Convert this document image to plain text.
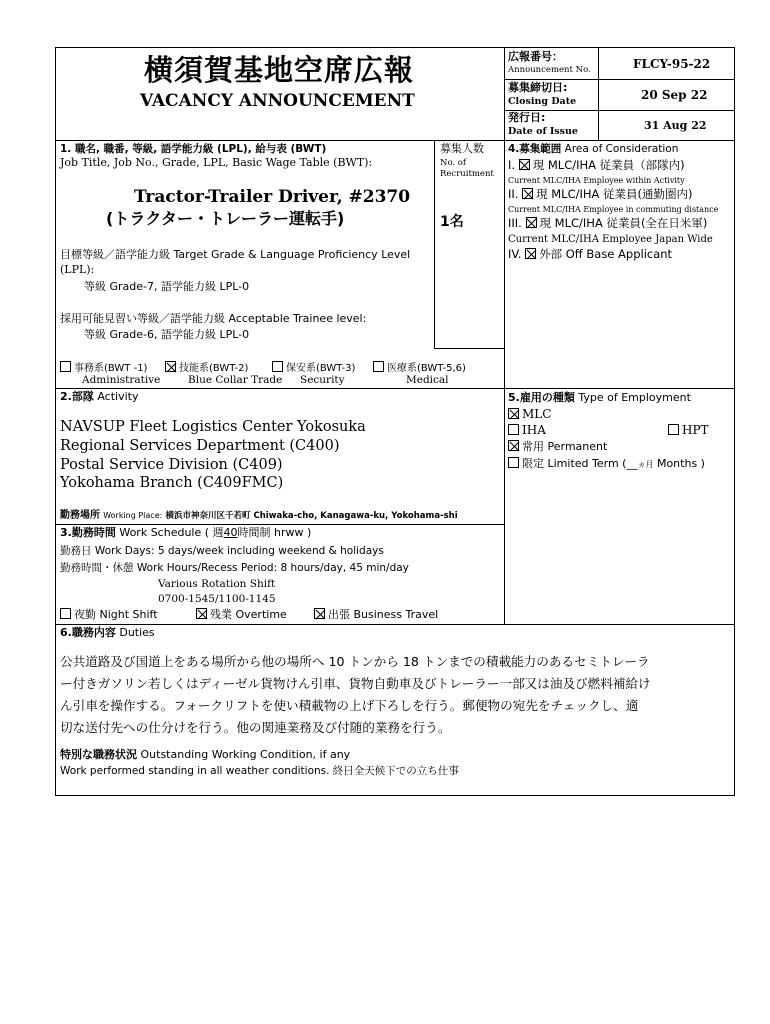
横須賀基地空席広報
VACANCY ANNOUNCEMENT
広報番号：
Announcement No.	FLCY-95-22
募集締切日:
Closing Date	20 Sep 22
発行日:
Date of Issue	31 Aug 22
1. 職名, 職番, 等級, 語学能力級 (LPL), 給与表 (BWT)
Job Title, Job No., Grade, LPL, Basic Wage Table (BWT):
Tractor-Trailer Driver, #2370
(トラクター・トレーラー運転手)
目標等級／語学能力級 Target Grade & Language Proficiency Level
(LPL):
等級 Grade-7, 語学能力級 LPL-0
採用可能見習い等級／語学能力級 Acceptable Trainee level:
等級 Grade-6, 語学能力級 LPL-0
事務系(BWT -1)
Administrative
技能系(BWT-2)
Blue Collar Trade
保安系(BWT-3)
Security
医療系(BWT-5,6)
Medical
募集人数
No. of
Recruitment
1名
4.募集範囲 Area of Consideration
I. 現 MLC/IHA 従業員（部隊内)
Current MLC/IHA Employee within Activity
II. 現 MLC/IHA 従業員(通勤圏内)
Current MLC/IHA Employee in commuting distance
III. 現 MLC/IHA 従業員(全在日米軍)
Current MLC/IHA Employee Japan Wide
IV. 外部 Off Base Applicant
2.部隊 Activity
NAVSUP Fleet Logistics Center Yokosuka
Regional Services Department (C400)
Postal Service Division (C409)
Yokohama Branch (C409FMC)
勤務場所 Working Place: 横浜市神奈川区千若町 Chiwaka-cho, Kanagawa-ku, Yokohama-shi
5.雇用の種類 Type of Employment
MLC
IHA	HPT
常用 Permanent
限定 Limited Term (__ヵ月 Months )
3.勤務時間 Work Schedule ( 週40時間制 hrww )
勤務日 Work Days: 5 days/week including weekend & holidays
勤務時間・休憩 Work Hours/Recess Period: 8 hours/day, 45 min/day
Various Rotation Shift
0700-1545/1100-1145
夜勤 Night Shift	残業 Overtime	出張 Business Travel
6.職務内容 Duties
公共道路及び国道上をある場所から他の場所へ 10 トンから 18 トンまでの積載能力のあるセミトレーラ
ー付きガソリン若しくはディーゼル貨物けん引車、貨物自動車及びトレーラー一部又は油及び燃料補給け
ん引車を操作する。フォークリフトを使い積載物の上げ下ろしを行う。郵便物の宛先をチェックし、適
切な送付先への仕分けを行う。他の関連業務及び付随的業務を行う。
特別な職務状況 Outstanding Working Condition, if any
Work performed standing in all weather conditions. 終日全天候下での立ち仕事
